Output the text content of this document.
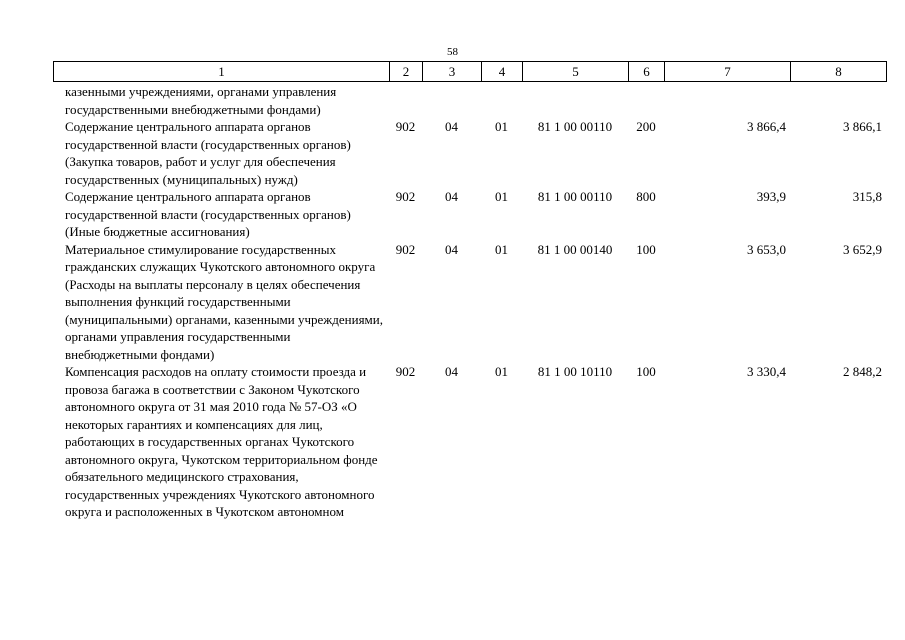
58
1	2	3	4	5	6	7	8
казенными учреждениями, органами управления государственными внебюджетными фондами)							
Содержание центрального аппарата органов государственной власти (государственных органов) (Закупка товаров, работ и услуг для обеспечения государственных (муниципальных) нужд)	902	04	01	81 1 00 00110	200	3 866,4	3 866,1
Содержание центрального аппарата органов государственной власти (государственных органов) (Иные бюджетные ассигнования)	902	04	01	81 1 00 00110	800	393,9	315,8
Материальное стимулирование государственных гражданских служащих Чукотского автономного округа (Расходы на выплаты персоналу в целях обеспечения выполнения функций государственными (муниципальными) органами, казенными учреждениями, органами управления государственными внебюджетными фондами)	902	04	01	81 1 00 00140	100	3 653,0	3 652,9
Компенсация расходов на оплату стоимости проезда и провоза багажа в соответствии с Законом Чукотского автономного округа от 31 мая 2010 года № 57-ОЗ «О некоторых гарантиях и компенсациях для лиц, работающих в государственных органах Чукотского автономного округа, Чукотском территориальном фонде обязательного медицинского страхования, государственных учреждениях Чукотского автономного округа и расположенных в Чукотском автономном	902	04	01	81 1 00 10110	100	3 330,4	2 848,2
